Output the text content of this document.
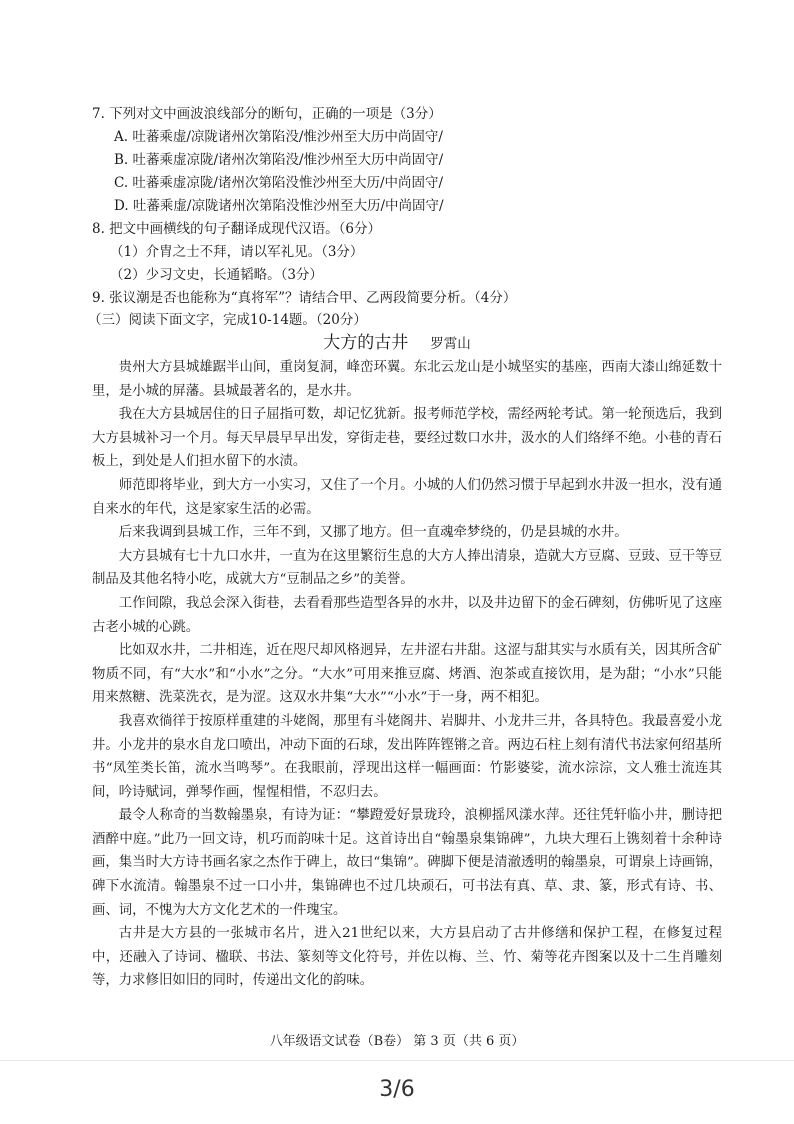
7. 下列对文中画波浪线部分的断句，正确的一项是（3分）
A. 吐蕃乘虚/凉陇诸州次第陷没/惟沙州至大历中尚固守/
B. 吐蕃乘虚凉陇/诸州次第陷没/惟沙州至大历中尚固守/
C. 吐蕃乘虚凉陇/诸州次第陷没惟沙州至大历/中尚固守/
D. 吐蕃乘虚/凉陇诸州次第陷没惟沙州至大历/中尚固守/
8. 把文中画横线的句子翻译成现代汉语。（6分）
（1）介胄之士不拜，请以军礼见。（3分）
（2）少习文史，长通韬略。（3分）
9. 张议潮是否也能称为“真将军”？请结合甲、乙两段简要分析。（4分）
（三）阅读下面文字，完成10-14题。（20分）
大方的古井 罗霄山

贵州大方县城雄踞半山间，重岗复洞，峰峦环翼。东北云龙山是小城坚实的基座，西南大漆山绵延数十里，是小城的屏藩。县城最著名的，是水井。

我在大方县城居住的日子屈指可数，却记忆犹新。报考师范学校，需经两轮考试。第一轮预选后，我到大方县城补习一个月。每天早晨早早出发，穿街走巷，要经过数口水井，汲水的人们络绎不绝。小巷的青石板上，到处是人们担水留下的水渍。

师范即将毕业，到大方一小实习，又住了一个月。小城的人们仍然习惯于早起到水井汲一担水，没有通自来水的年代，这是家家生活的必需。

后来我调到县城工作，三年不到，又挪了地方。但一直魂牵梦绕的，仍是县城的水井。

大方县城有七十九口水井，一直为在这里繁衍生息的大方人捧出清泉，造就大方豆腐、豆豉、豆干等豆制品及其他名特小吃，成就大方“豆制品之乡”的美誉。

工作间隙，我总会深入街巷，去看看那些造型各异的水井，以及井边留下的金石碑刻，仿佛听见了这座古老小城的心跳。

比如双水井，二井相连，近在咫尺却风格迥异，左井涩右井甜。这涩与甜其实与水质有关，因其所含矿物质不同，有“大水”和“小水”之分。“大水”可用来推豆腐、烤酒、泡茶或直接饮用，是为甜；“小水”只能用来熬糖、洗菜洗衣，是为涩。这双水井集“大水”“小水”于一身，两不相犯。

我喜欢徜徉于按原样重建的斗姥阁，那里有斗姥阁井、岩脚井、小龙井三井，各具特色。我最喜爱小龙井。小龙井的泉水自龙口喷出，冲动下面的石球，发出阵阵铿锵之音。两边石柱上刻有清代书法家何绍基所书“凤笙类长笛，流水当鸣琴”。在我眼前，浮现出这样一幅画面：竹影婆娑，流水淙淙，文人雅士流连其间，吟诗赋词，弹琴作画，惺惺相惜，不忍归去。

最令人称奇的当数翰墨泉，有诗为证：“攀蹬爱好景珑玲，浪柳摇风漾水萍。还往凭轩临小井，删诗把酒醉中庭。”此乃一回文诗，机巧而韵味十足。这首诗出自“翰墨泉集锦碑”，九块大理石上镌刻着十余种诗画，集当时大方诗书画名家之杰作于碑上，故曰“集锦”。碑脚下便是清澈透明的翰墨泉，可谓泉上诗画锦，碑下水流清。翰墨泉不过一口小井，集锦碑也不过几块顽石，可书法有真、草、隶、篆，形式有诗、书、画、词，不愧为大方文化艺术的一件瑰宝。

古井是大方县的一张城市名片，进入21世纪以来，大方县启动了古井修缮和保护工程，在修复过程中，还融入了诗词、楹联、书法、篆刻等文化符号，并佐以梅、兰、竹、菊等花卉图案以及十二生肖雕刻等，力求修旧如旧的同时，传递出文化的韵味。

八年级语文试卷（B卷） 第 3 页（共 6 页）
3/6
